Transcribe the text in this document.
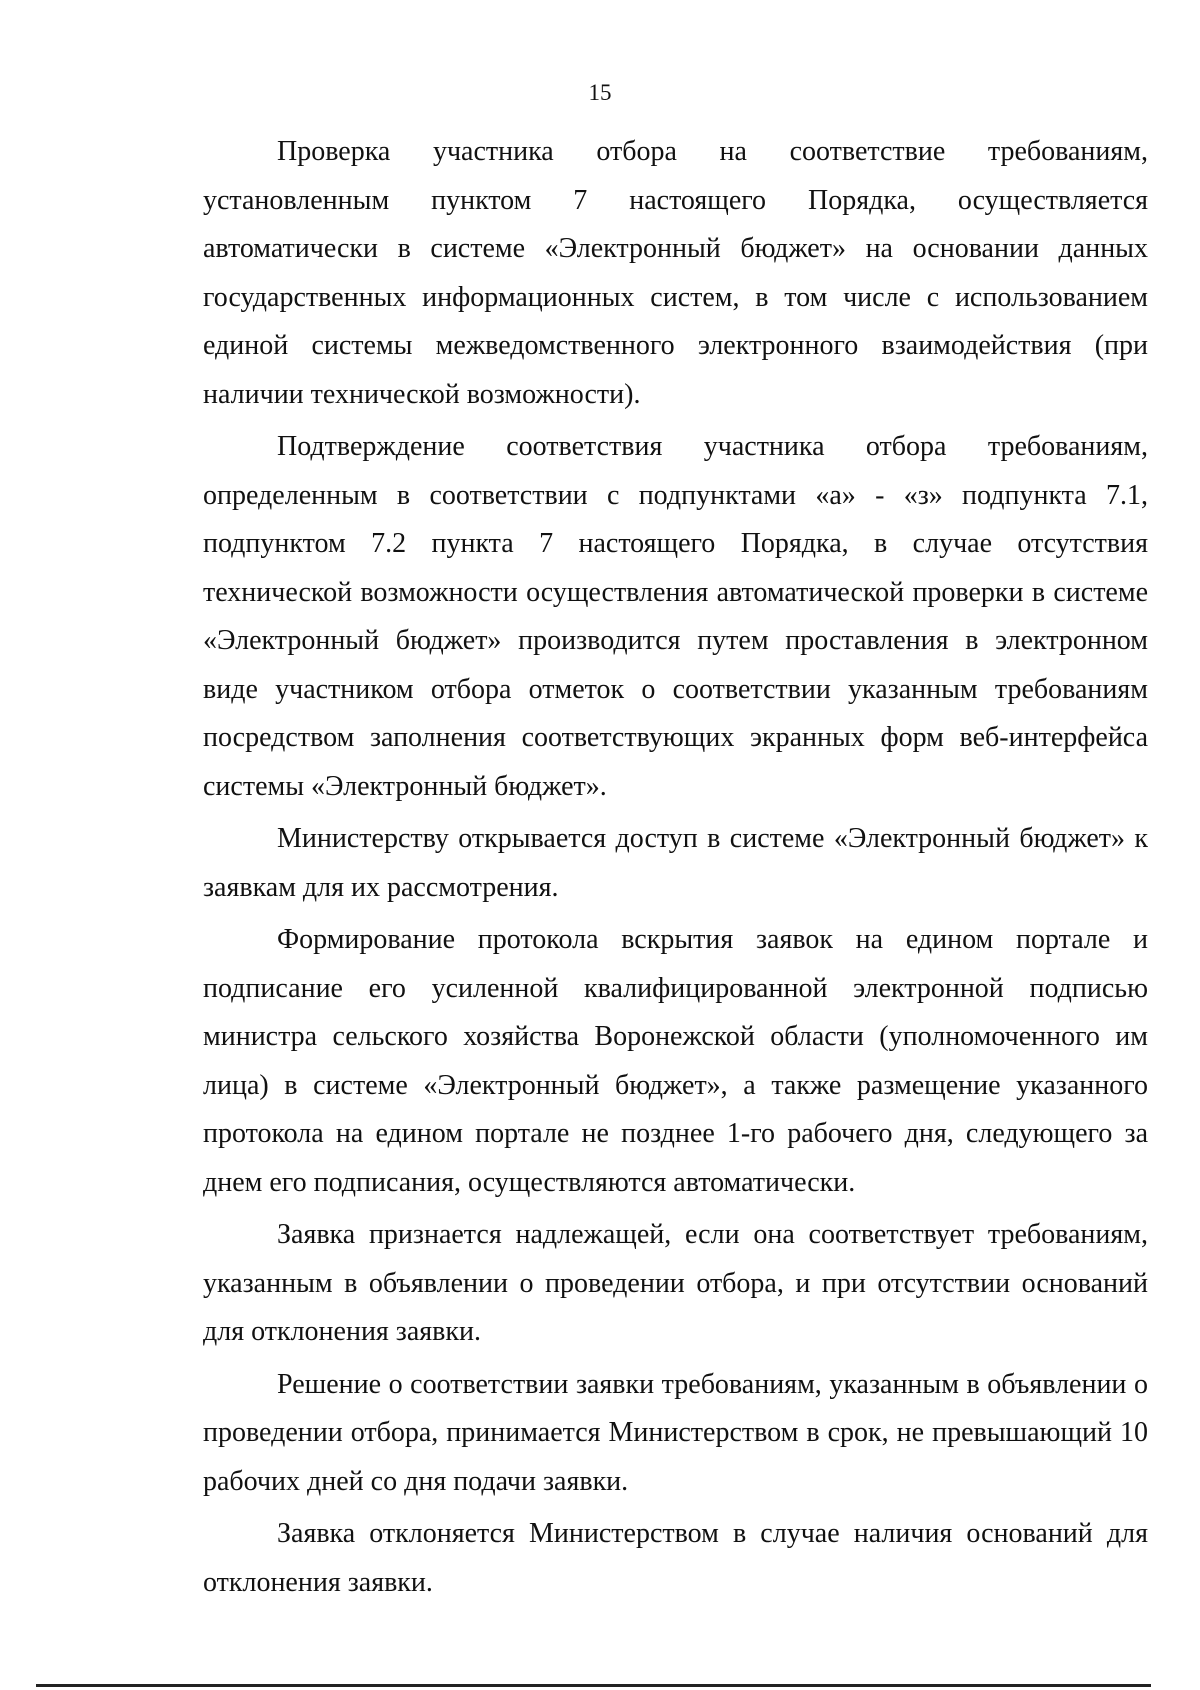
15

Проверка участника отбора на соответствие требованиям, установленным пунктом 7 настоящего Порядка, осуществляется автоматически в системе «Электронный бюджет» на основании данных государственных информационных систем, в том числе с использованием единой системы межведомственного электронного взаимодействия (при наличии технической возможности).

Подтверждение соответствия участника отбора требованиям, определенным в соответствии с подпунктами «а» - «з» подпункта 7.1, подпунктом 7.2 пункта 7 настоящего Порядка, в случае отсутствия технической возможности осуществления автоматической проверки в системе «Электронный бюджет» производится путем проставления в электронном виде участником отбора отметок о соответствии указанным требованиям посредством заполнения соответствующих экранных форм веб-интерфейса системы «Электронный бюджет».

Министерству открывается доступ в системе «Электронный бюджет» к заявкам для их рассмотрения.

Формирование протокола вскрытия заявок на едином портале и подписание его усиленной квалифицированной электронной подписью министра сельского хозяйства Воронежской области (уполномоченного им лица) в системе «Электронный бюджет», а также размещение указанного протокола на едином портале не позднее 1-го рабочего дня, следующего за днем его подписания, осуществляются автоматически.

Заявка признается надлежащей, если она соответствует требованиям, указанным в объявлении о проведении отбора, и при отсутствии оснований для отклонения заявки.

Решение о соответствии заявки требованиям, указанным в объявлении о проведении отбора, принимается Министерством в срок, не превышающий 10 рабочих дней со дня подачи заявки.

Заявка отклоняется Министерством в случае наличия оснований для отклонения заявки.
